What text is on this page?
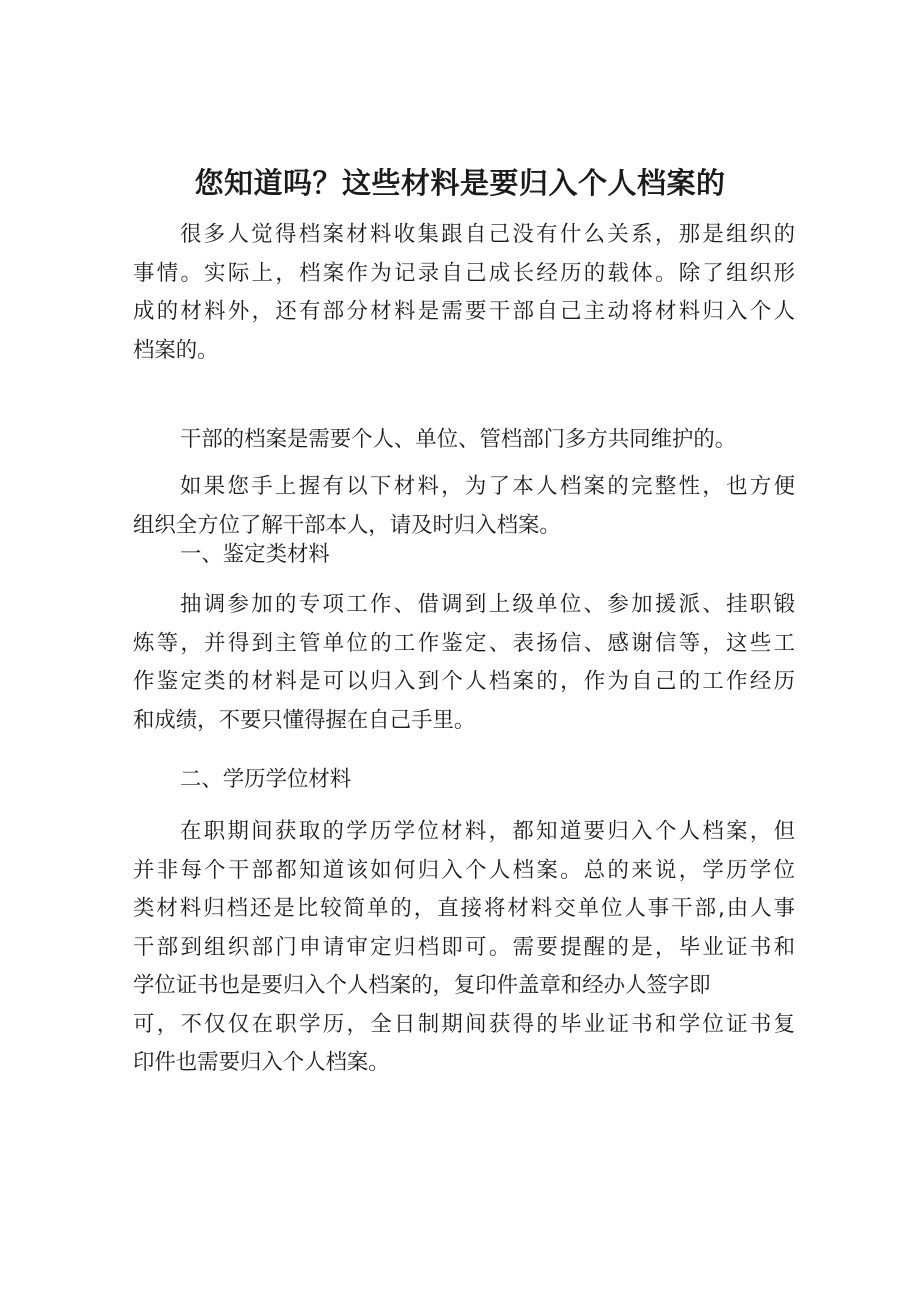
您知道吗？这些材料是要归入个人档案的
很多人觉得档案材料收集跟自己没有什么关系，那是组织的
事情。实际上，档案作为记录自己成长经历的载体。除了组织形
成的材料外，还有部分材料是需要干部自己主动将材料归入个人
档案的。
干部的档案是需要个人、单位、管档部门多方共同维护的。
如果您手上握有以下材料，为了本人档案的完整性，也方便
组织全方位了解干部本人，请及时归入档案。
一、鉴定类材料
抽调参加的专项工作、借调到上级单位、参加援派、挂职锻
炼等，并得到主管单位的工作鉴定、表扬信、感谢信等，这些工
作鉴定类的材料是可以归入到个人档案的，作为自己的工作经历
和成绩，不要只懂得握在自己手里。
二、学历学位材料
在职期间获取的学历学位材料，都知道要归入个人档案，但
并非每个干部都知道该如何归入个人档案。总的来说，学历学位
类材料归档还是比较简单的，直接将材料交单位人事干部,由人事
干部到组织部门申请审定归档即可。需要提醒的是，毕业证书和
学位证书也是要归入个人档案的，复印件盖章和经办人签字即
可，不仅仅在职学历，全日制期间获得的毕业证书和学位证书复
印件也需要归入个人档案。
